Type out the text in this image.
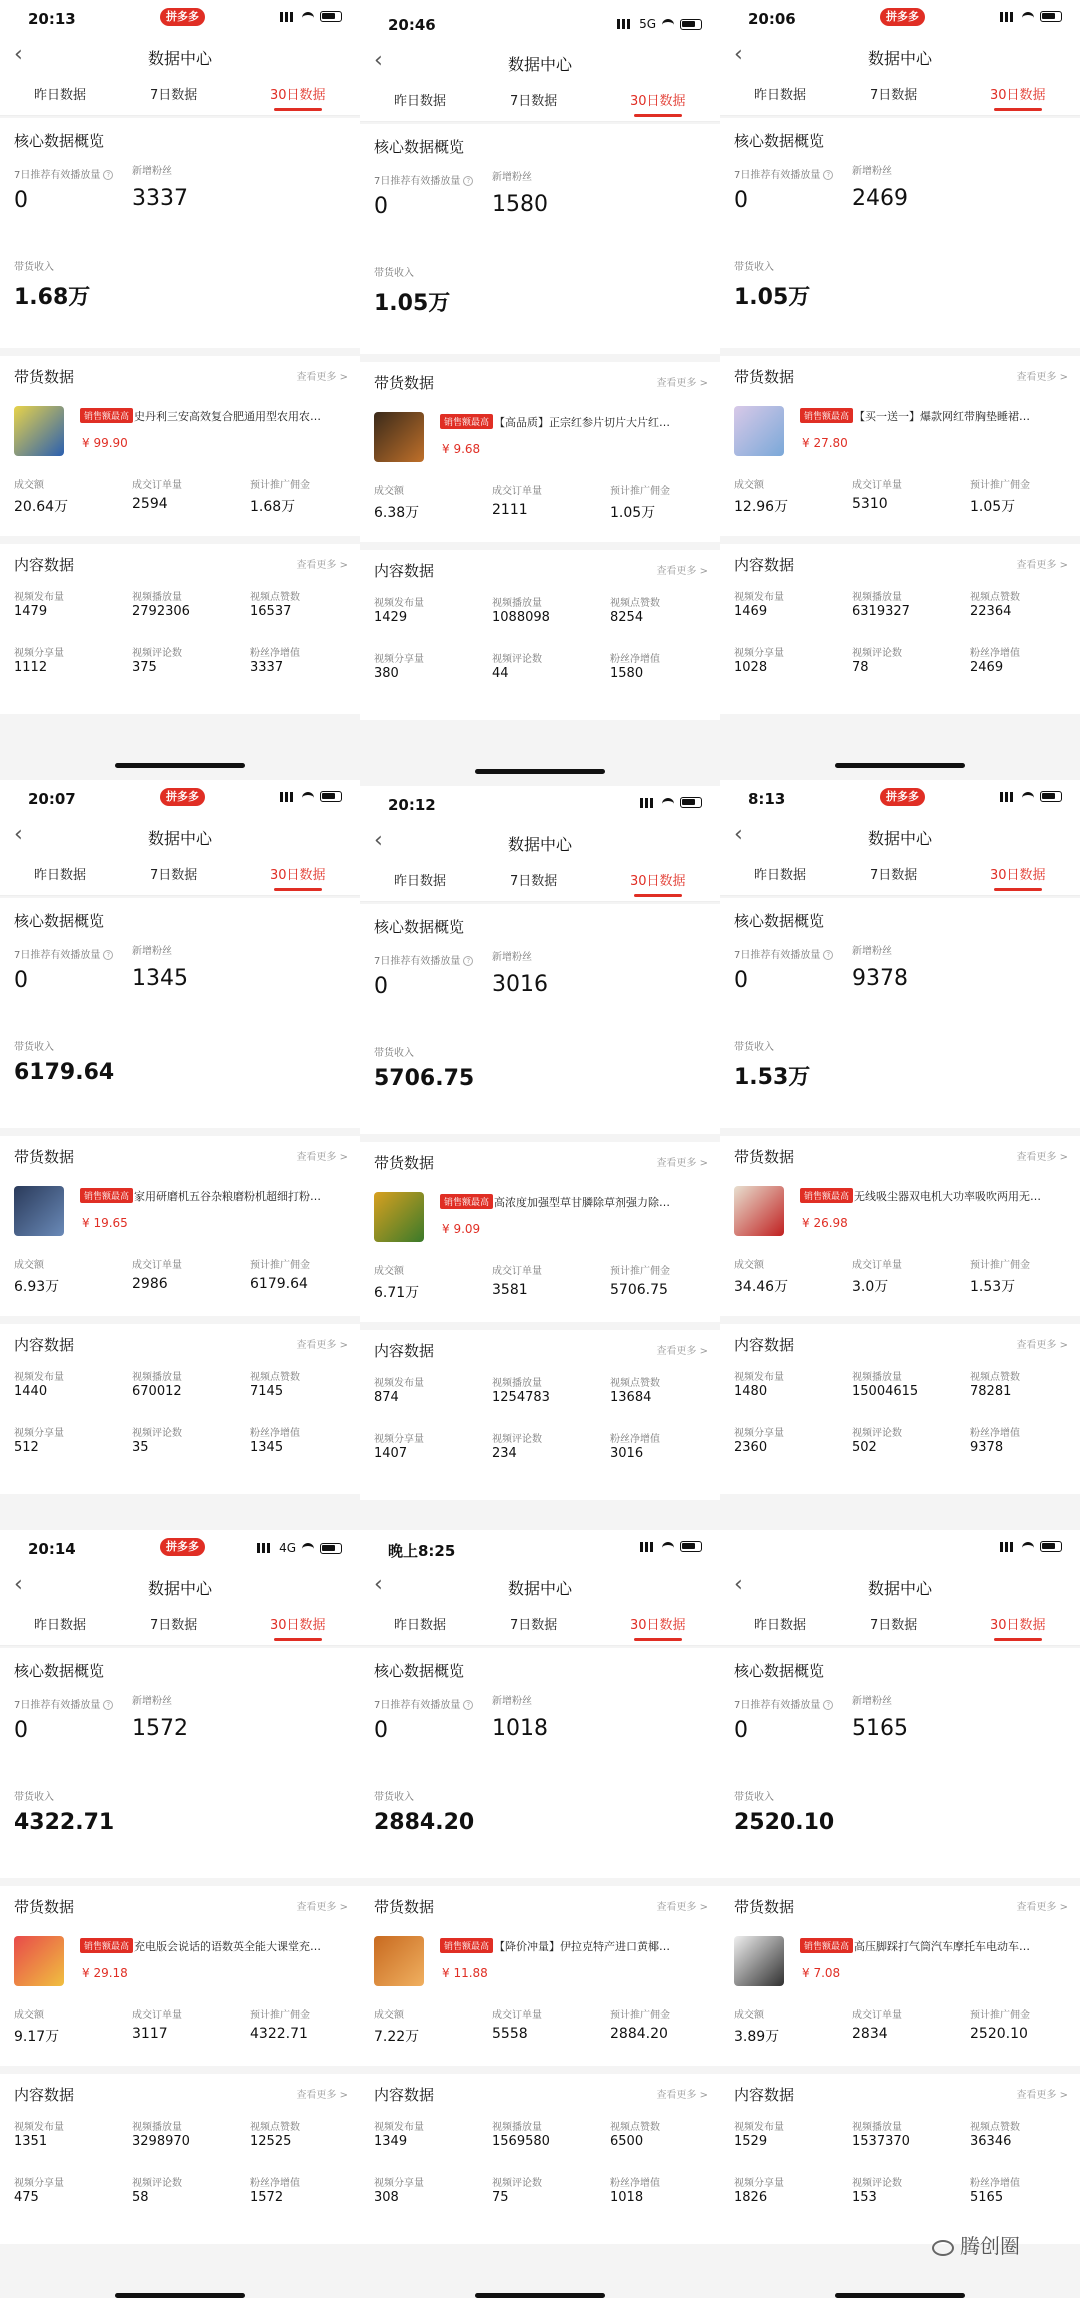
20:13	拼多多
‹	数据中心
昨日数据	7日数据	30日数据
核心数据概览
7日推荐有效播放量 ?
0
新增粉丝
3337
带货收入
1.68万
带货数据	查看更多 >
销售额最高 史丹利三安高效复合肥通用型农用农…
¥ 99.90
成交额
20.64万
成交订单量
2594
预计推广佣金
1.68万
内容数据	查看更多 >
视频发布量
1479
视频播放量
2792306
视频点赞数
16537
视频分享量
1112
视频评论数
375
粉丝净增值
3337
20:46	5G
‹	数据中心
昨日数据	7日数据	30日数据
核心数据概览
7日推荐有效播放量 ?
0
新增粉丝
1580
带货收入
1.05万
带货数据	查看更多 >
销售额最高 【高品质】正宗红参片切片大片红…
¥ 9.68
成交额
6.38万
成交订单量
2111
预计推广佣金
1.05万
内容数据	查看更多 >
视频发布量
1429
视频播放量
1088098
视频点赞数
8254
视频分享量
380
视频评论数
44
粉丝净增值
1580
20:06	拼多多
‹	数据中心
昨日数据	7日数据	30日数据
核心数据概览
7日推荐有效播放量 ?
0
新增粉丝
2469
带货收入
1.05万
带货数据	查看更多 >
销售额最高 【买一送一】爆款网红带胸垫睡裙…
¥ 27.80
成交额
12.96万
成交订单量
5310
预计推广佣金
1.05万
内容数据	查看更多 >
视频发布量
1469
视频播放量
6319327
视频点赞数
22364
视频分享量
1028
视频评论数
78
粉丝净增值
2469
20:07	拼多多
‹	数据中心
昨日数据	7日数据	30日数据
核心数据概览
7日推荐有效播放量 ?
0
新增粉丝
1345
带货收入
6179.64
带货数据	查看更多 >
销售额最高 家用研磨机五谷杂粮磨粉机超细打粉…
¥ 19.65
成交额
6.93万
成交订单量
2986
预计推广佣金
6179.64
内容数据	查看更多 >
视频发布量
1440
视频播放量
670012
视频点赞数
7145
视频分享量
512
视频评论数
35
粉丝净增值
1345
20:12
‹	数据中心
昨日数据	7日数据	30日数据
核心数据概览
7日推荐有效播放量 ?
0
新增粉丝
3016
带货收入
5706.75
带货数据	查看更多 >
销售额最高 高浓度加强型草甘膦除草剂强力除…
¥ 9.09
成交额
6.71万
成交订单量
3581
预计推广佣金
5706.75
内容数据	查看更多 >
视频发布量
874
视频播放量
1254783
视频点赞数
13684
视频分享量
1407
视频评论数
234
粉丝净增值
3016
8:13	拼多多
‹	数据中心
昨日数据	7日数据	30日数据
核心数据概览
7日推荐有效播放量 ?
0
新增粉丝
9378
带货收入
1.53万
带货数据	查看更多 >
销售额最高 无线吸尘器双电机大功率吸吹两用无…
¥ 26.98
成交额
34.46万
成交订单量
3.0万
预计推广佣金
1.53万
内容数据	查看更多 >
视频发布量
1480
视频播放量
15004615
视频点赞数
78281
视频分享量
2360
视频评论数
502
粉丝净增值
9378
20:14	拼多多	4G
‹	数据中心
昨日数据	7日数据	30日数据
核心数据概览
7日推荐有效播放量 ?
0
新增粉丝
1572
带货收入
4322.71
带货数据	查看更多 >
销售额最高 充电版会说话的语数英全能大课堂充…
¥ 29.18
成交额
9.17万
成交订单量
3117
预计推广佣金
4322.71
内容数据	查看更多 >
视频发布量
1351
视频播放量
3298970
视频点赞数
12525
视频分享量
475
视频评论数
58
粉丝净增值
1572
晚上8:25
‹	数据中心
昨日数据	7日数据	30日数据
核心数据概览
7日推荐有效播放量 ?
0
新增粉丝
1018
带货收入
2884.20
带货数据	查看更多 >
销售额最高 【降价冲量】伊拉克特产进口黄椰…
¥ 11.88
成交额
7.22万
成交订单量
5558
预计推广佣金
2884.20
内容数据	查看更多 >
视频发布量
1349
视频播放量
1569580
视频点赞数
6500
视频分享量
308
视频评论数
75
粉丝净增值
1018
‹	数据中心
昨日数据	7日数据	30日数据
核心数据概览
7日推荐有效播放量 ?
0
新增粉丝
5165
带货收入
2520.10
带货数据	查看更多 >
销售额最高 高压脚踩打气筒汽车摩托车电动车…
¥ 7.08
成交额
3.89万
成交订单量
2834
预计推广佣金
2520.10
内容数据	查看更多 >
视频发布量
1529
视频播放量
1537370
视频点赞数
36346
视频分享量
1826
视频评论数
153
粉丝净增值
5165
腾创圈
